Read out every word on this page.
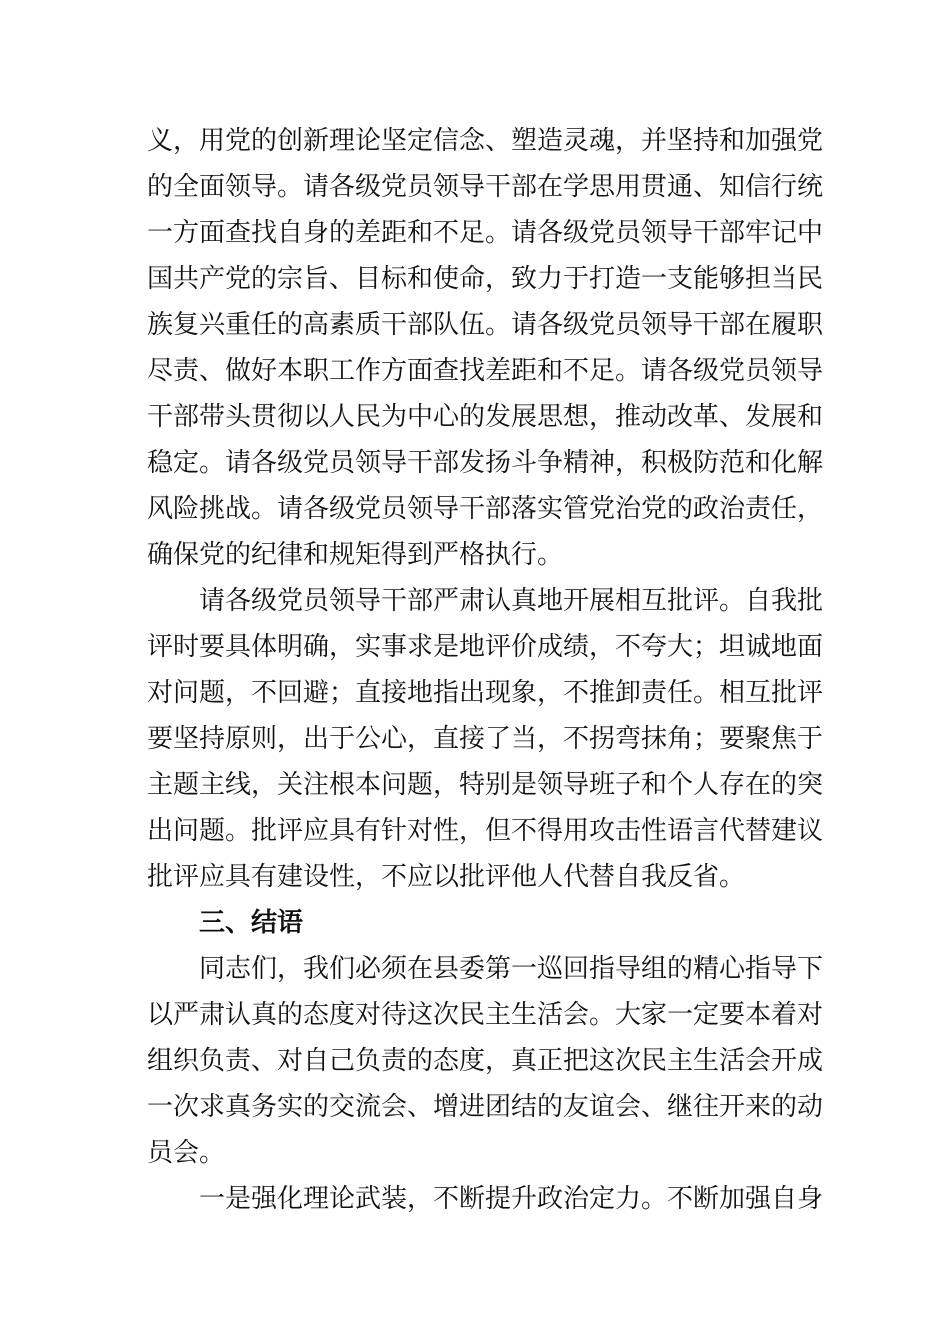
义，用党的创新理论坚定信念、塑造灵魂，并坚持和加强党
的全面领导。请各级党员领导干部在学思用贯通、知信行统
一方面查找自身的差距和不足。请各级党员领导干部牢记中
国共产党的宗旨、目标和使命，致力于打造一支能够担当民
族复兴重任的高素质干部队伍。请各级党员领导干部在履职
尽责、做好本职工作方面查找差距和不足。请各级党员领导
干部带头贯彻以人民为中心的发展思想，推动改革、发展和
稳定。请各级党员领导干部发扬斗争精神，积极防范和化解
风险挑战。请各级党员领导干部落实管党治党的政治责任，
确保党的纪律和规矩得到严格执行。
请各级党员领导干部严肃认真地开展相互批评。自我批
评时要具体明确，实事求是地评价成绩，不夸大；坦诚地面
对问题，不回避；直接地指出现象，不推卸责任。相互批评
要坚持原则，出于公心，直接了当，不拐弯抹角；要聚焦于
主题主线，关注根本问题，特别是领导班子和个人存在的突
出问题。批评应具有针对性，但不得用攻击性语言代替建议
批评应具有建设性，不应以批评他人代替自我反省。
三、结语
同志们，我们必须在县委第一巡回指导组的精心指导下
以严肃认真的态度对待这次民主生活会。大家一定要本着对
组织负责、对自己负责的态度，真正把这次民主生活会开成
一次求真务实的交流会、增进团结的友谊会、继往开来的动
员会。
一是强化理论武装，不断提升政治定力。不断加强自身
